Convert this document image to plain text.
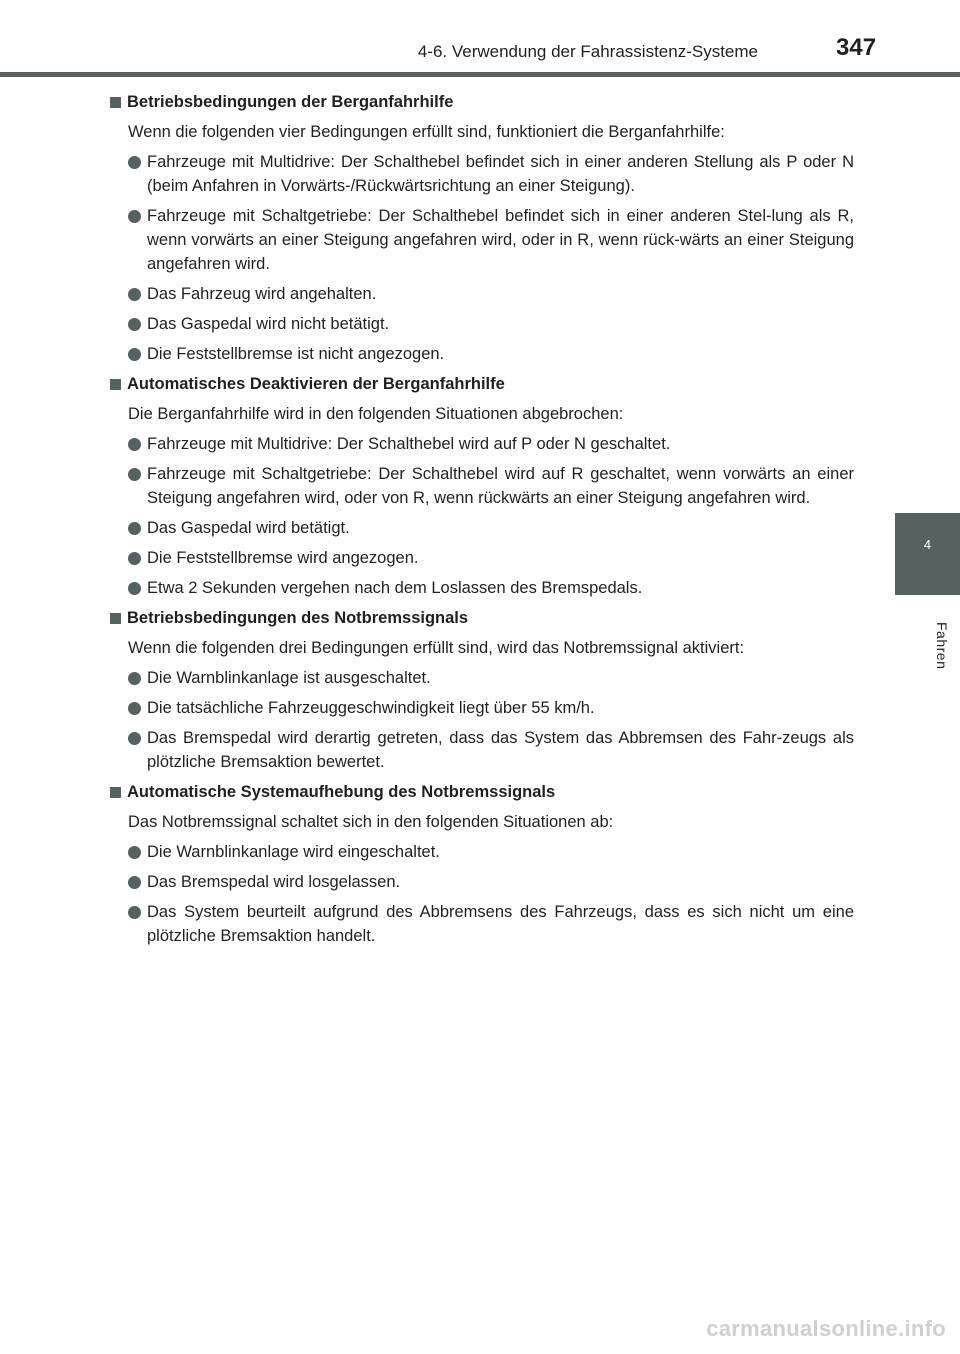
4-6. Verwendung der Fahrassistenz-Systeme	347
4
Fahren
Betriebsbedingungen der Berganfahrhilfe
Wenn die folgenden vier Bedingungen erfüllt sind, funktioniert die Berganfahrhilfe:
Fahrzeuge mit Multidrive: Der Schalthebel befindet sich in einer anderen Stellung als P oder N (beim Anfahren in Vorwärts-/Rückwärtsrichtung an einer Steigung).
Fahrzeuge mit Schaltgetriebe: Der Schalthebel befindet sich in einer anderen Stel-lung als R, wenn vorwärts an einer Steigung angefahren wird, oder in R, wenn rück-wärts an einer Steigung angefahren wird.
Das Fahrzeug wird angehalten.
Das Gaspedal wird nicht betätigt.
Die Feststellbremse ist nicht angezogen.
Automatisches Deaktivieren der Berganfahrhilfe
Die Berganfahrhilfe wird in den folgenden Situationen abgebrochen:
Fahrzeuge mit Multidrive: Der Schalthebel wird auf P oder N geschaltet.
Fahrzeuge mit Schaltgetriebe: Der Schalthebel wird auf R geschaltet, wenn vorwärts an einer Steigung angefahren wird, oder von R, wenn rückwärts an einer Steigung angefahren wird.
Das Gaspedal wird betätigt.
Die Feststellbremse wird angezogen.
Etwa 2 Sekunden vergehen nach dem Loslassen des Bremspedals.
Betriebsbedingungen des Notbremssignals
Wenn die folgenden drei Bedingungen erfüllt sind, wird das Notbremssignal aktiviert:
Die Warnblinkanlage ist ausgeschaltet.
Die tatsächliche Fahrzeuggeschwindigkeit liegt über 55 km/h.
Das Bremspedal wird derartig getreten, dass das System das Abbremsen des Fahr-zeugs als plötzliche Bremsaktion bewertet.
Automatische Systemaufhebung des Notbremssignals
Das Notbremssignal schaltet sich in den folgenden Situationen ab:
Die Warnblinkanlage wird eingeschaltet.
Das Bremspedal wird losgelassen.
Das System beurteilt aufgrund des Abbremsens des Fahrzeugs, dass es sich nicht um eine plötzliche Bremsaktion handelt.
carmanualsonline.info
